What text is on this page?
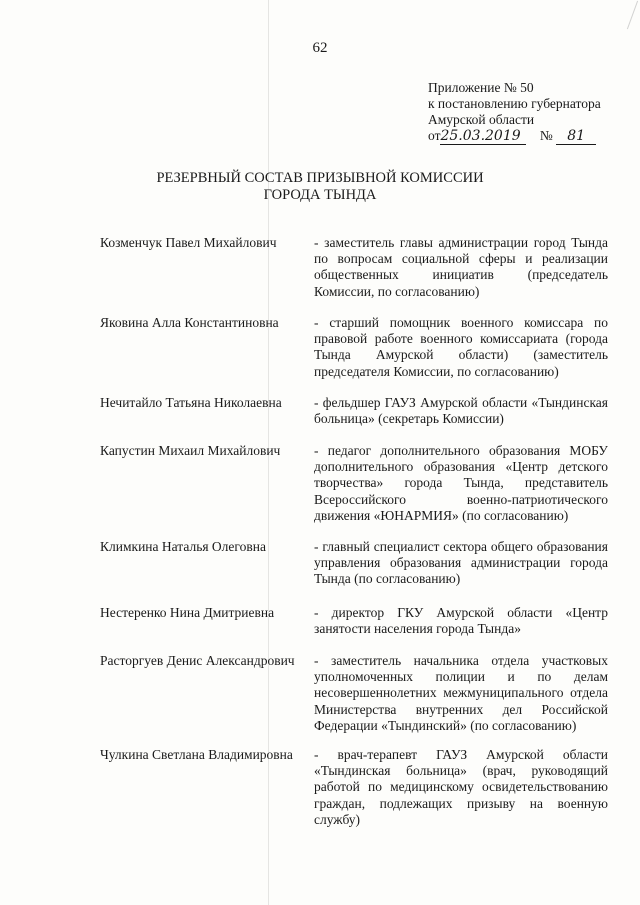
62
Приложение № 50
к постановлению губернатора
Амурской области
от25.03.2019 № 81
РЕЗЕРВНЫЙ СОСТАВ ПРИЗЫВНОЙ КОМИССИИ
ГОРОДА ТЫНДА
Козменчук Павел Михайлович	- заместитель главы администрации город Тында по вопросам социальной сферы и реализации общественных инициатив (председатель Комиссии, по согласованию)
Яковина Алла Константиновна	- старший помощник военного комиссара по правовой работе военного комиссариата (города Тында Амурской области) (заместитель председателя Комиссии, по согласованию)
Нечитайло Татьяна Николаевна	- фельдшер ГАУЗ Амурской области «Тындинская больница» (секретарь Комиссии)
Капустин Михаил Михайлович	- педагог дополнительного образования МОБУ дополнительного образования «Центр детского творчества» города Тында, представитель Всероссийского военно-патриотического движения «ЮНАРМИЯ» (по согласованию)
Климкина Наталья Олеговна	- главный специалист сектора общего образования управления образования администрации города Тында (по согласованию)
Нестеренко Нина Дмитриевна	- директор ГКУ Амурской области «Центр занятости населения города Тында»
Расторгуев Денис Александрович	- заместитель начальника отдела участковых уполномоченных полиции и по делам несовершеннолетних межмуниципального отдела Министерства внутренних дел Российской Федерации «Тындинский» (по согласованию)
Чулкина Светлана Владимировна	- врач-терапевт ГАУЗ Амурской области «Тындинская больница» (врач, руководящий работой по медицинскому освидетельствованию граждан, подлежащих призыву на военную службу)
